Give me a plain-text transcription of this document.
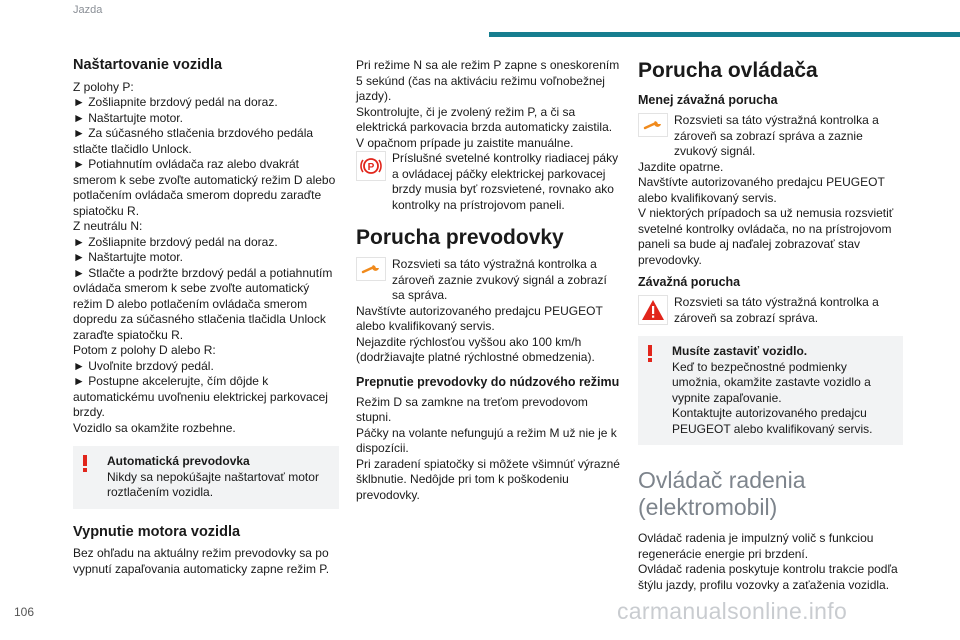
Jazda

Naštartovanie vozidla

Z polohy P:

► Zošliapnite brzdový pedál na doraz.

► Naštartujte motor.

► Za súčasného stlačenia brzdového pedála stlačte tlačidlo Unlock.

► Potiahnutím ovládača raz alebo dvakrát smerom k sebe zvoľte automatický režim D alebo potlačením ovládača smerom dopredu zaraďte spiatočku R.

Z neutrálu N:

► Zošliapnite brzdový pedál na doraz.

► Naštartujte motor.

► Stlačte a podržte brzdový pedál a potiahnutím ovládača smerom k sebe zvoľte automatický režim D alebo potlačením ovládača smerom dopredu za súčasného stlačenia tlačidla Unlock zaraďte spiatočku R.

Potom z polohy D alebo R:

► Uvoľnite brzdový pedál.

► Postupne akcelerujte, čím dôjde k automatickému uvoľneniu elektrickej parkovacej brzdy.

Vozidlo sa okamžite rozbehne.

Automatická prevodovka

Nikdy sa nepokúšajte naštartovať motor roztlačením vozidla.

Vypnutie motora vozidla

Bez ohľadu na aktuálny režim prevodovky sa po vypnutí zapaľovania automaticky zapne režim P.

Pri režime N sa ale režim P zapne s oneskorením 5 sekúnd (čas na aktiváciu režimu voľnobežnej jazdy).

Skontrolujte, či je zvolený režim P, a či sa elektrická parkovacia brzda automaticky zaistila.

V opačnom prípade ju zaistite manuálne.

P

Príslušné svetelné kontrolky riadiacej páky a ovládacej páčky elektrickej parkovacej brzdy musia byť rozsvietené, rovnako ako kontrolky na prístrojovom paneli.

Porucha prevodovky

Rozsvieti sa táto výstražná kontrolka a zároveň zaznie zvukový signál a zobrazí sa správa.

Navštívte autorizovaného predajcu PEUGEOT alebo kvalifikovaný servis.

Nejazdite rýchlosťou vyššou ako 100 km/h (dodržiavajte platné rýchlostné obmedzenia).

Prepnutie prevodovky do núdzového režimu

Režim D sa zamkne na treťom prevodovom stupni.

Páčky na volante nefungujú a režim M už nie je k dispozícii.

Pri zaradení spiatočky si môžete všimnúť výrazné šklbnutie. Nedôjde pri tom k poškodeniu prevodovky.

Porucha ovládača

Menej závažná porucha

Rozsvieti sa táto výstražná kontrolka a zároveň sa zobrazí správa a zaznie zvukový signál.

Jazdite opatrne.

Navštívte autorizovaného predajcu PEUGEOT alebo kvalifikovaný servis.

V niektorých prípadoch sa už nemusia rozsvietiť svetelné kontrolky ovládača, no na prístrojovom paneli sa bude aj naďalej zobrazovať stav prevodovky.

Závažná porucha

Rozsvieti sa táto výstražná kontrolka a zároveň sa zobrazí správa.

Musíte zastaviť vozidlo.

Keď to bezpečnostné podmienky umožnia, okamžite zastavte vozidlo a vypnite zapaľovanie.

Kontaktujte autorizovaného predajcu PEUGEOT alebo kvalifikovaný servis.

Ovládač radenia (elektromobil)

Ovládač radenia je impulzný volič s funkciou regenerácie energie pri brzdení.

Ovládač radenia poskytuje kontrolu trakcie podľa štýlu jazdy, profilu vozovky a zaťaženia vozidla.

106	carmanualsonline.info
